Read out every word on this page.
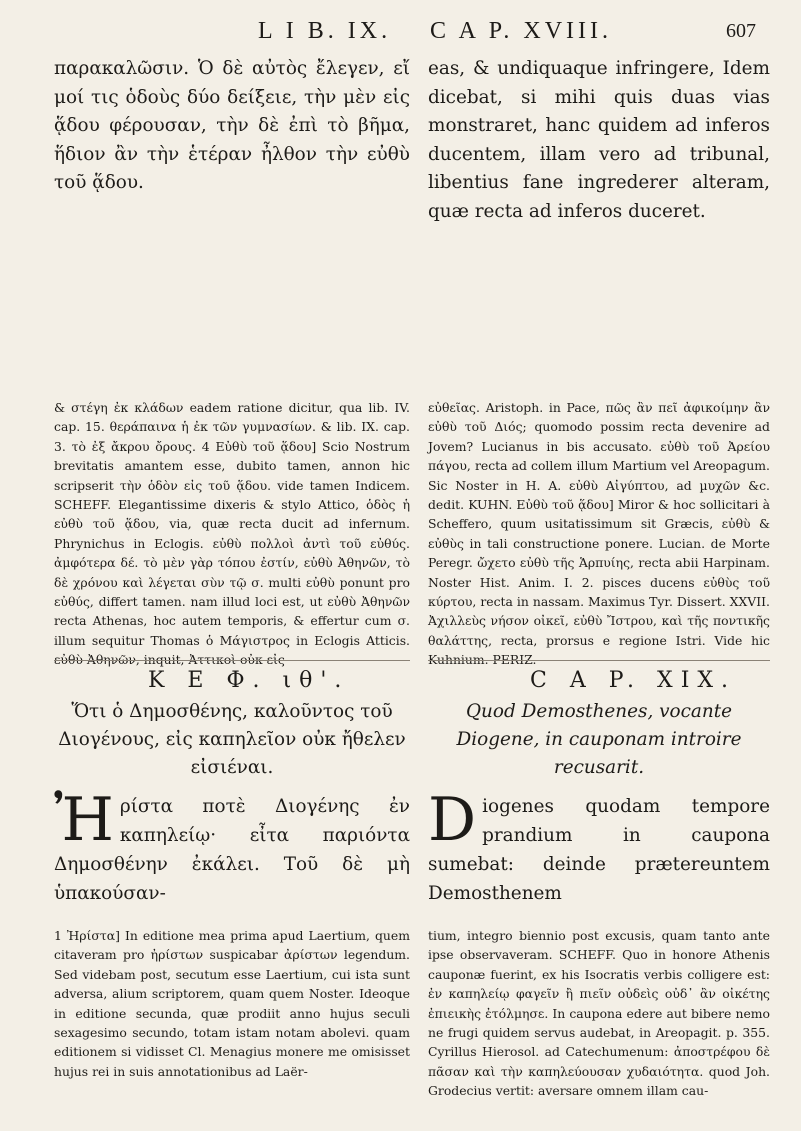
L I B. IX. C A P. XVIII.	607

παρακαλῶσιν. Ὁ δὲ αὐτὸς ἔλεγεν, εἴ μοί τις ὁδοὺς δύο δείξειε, τὴν μὲν εἰς ᾅδου φέρουσαν, τὴν δὲ ἐπὶ τὸ βῆμα, ἥδιον ἂν τὴν ἑτέραν ἦλθον τὴν εὐθὺ τοῦ ᾅδου.

eas, & undiquaque infringere, Idem dicebat, si mihi quis duas vias monstraret, hanc quidem ad inferos ducentem, illam vero ad tribunal, libentius fane ingrederer alteram, quæ recta ad inferos duceret.

& στέγη ἐκ κλάδων eadem ratione dicitur, qua lib. IV. cap. 15. θεράπαινα ἡ ἐκ τῶν γυμνασίων. & lib. IX. cap. 3. τὸ ἐξ ἄκρου ὄρους. 4 Εὐθὺ τοῦ ᾅδου] Scio Nostrum brevitatis amantem esse, dubito tamen, annon hic scripserit τὴν ὁδὸν εἰς τοῦ ᾅδου. vide tamen Indicem. SCHEFF. Elegantissime dixeris & stylo Attico, ὁδὸς ἡ εὐθὺ τοῦ ᾅδου, via, quæ recta ducit ad infernum. Phrynichus in Eclogis. εὐθὺ πολλοὶ ἀντὶ τοῦ εὐθύς. ἀμφότερα δέ. τὸ μὲν γὰρ τόπου ἐστίν, εὐθὺ Ἀθηνῶν, τὸ δὲ χρόνου καὶ λέγεται σὺν τῷ σ. multi εὐθὺ ponunt pro εὐθύς, differt tamen. nam illud loci est, ut εὐθὺ Ἀθηνῶν recta Athenas, hoc autem temporis, & effertur cum σ. illum sequitur Thomas ὁ Μάγιστρος in Eclogis Atticis. εὐθὺ Ἀθηνῶν, inquit, Ἀττικοὶ οὐκ εἰς

εὐθεῖας. Aristoph. in Pace, πῶς ἂν πεῖ ἀφικοίμην ἂν εὐθὺ τοῦ Διός; quomodo possim recta devenire ad Jovem? Lucianus in bis accusato. εὐθὺ τοῦ Ἀρείου πάγου, recta ad collem illum Martium vel Areopagum. Sic Noster in H. A. εὐθὺ Αἰγύπτου, ad µυχῶν &c. dedit. KUHN. Εὐθὺ τοῦ ᾅδου] Miror & hoc sollicitari à Scheffero, quum usitatissimum sit Græcis, εὐθὺ & εὐθὺς in tali constructione ponere. Lucian. de Morte Peregr. ὤχετο εὐθὺ τῆς Ἁρπυίης, recta abii Harpinam. Noster Hist. Anim. I. 2. pisces ducens εὐθὺς τοῦ κύρτου, recta in nassam. Maximus Tyr. Dissert. XXVII. Ἀχιλλεὺς νήσον οἰκεῖ, εὐθὺ Ἴστρου, καὶ τῆς ποντικῆς θαλάττης, recta, prorsus e regione Istri. Vide hic Kuhnium. PERIZ.

Κ Ε Φ. ιθ'.	C A P. XIX.
Ὅτι ὁ Δημοσθένης, καλοῦντος τοῦ Διογένους, εἰς καπηλεῖον οὐκ ἤθελεν εἰσιέναι.
Quod Demosthenes, vocante Diogene, in cauponam introire recusarit.
Ἠ ρίστα ποτὲ Διογένης ἐν καπηλείῳ· εἶτα παριόντα Δημοσθένην ἐκάλει. Τοῦ δὲ μὴ ὑπακούσαν-

D iogenes quodam tempore prandium in caupona sumebat: deinde prætereuntem Demosthenem

1 Ἠρίστα] In editione mea prima apud Laertium, quem citaveram pro ἠρίστων suspicabar ἀρίστων legendum. Sed videbam post, secutum esse Laertium, cui ista sunt adversa, alium scriptorem, quam quem Noster. Ideoque in editione secunda, quæ prodiit anno hujus seculi sexagesimo secundo, totam istam notam abolevi. quam editionem si vidisset Cl. Menagius monere me omisisset hujus rei in suis annotationibus ad Laër-

tium, integro biennio post excusis, quam tanto ante ipse observaveram. SCHEFF. Quo in honore Athenis cauponæ fuerint, ex his Isocratis verbis colligere est: ἐν καπηλείῳ φαγεῖν ἢ πιεῖν οὐδεὶς οὐδ᾽ ἂν οἰκέτης ἐπιεικὴς ἐτόλμησε. In caupona edere aut bibere nemo ne frugi quidem servus audebat, in Areopagit. p. 355. Cyrillus Hierosol. ad Catechumenum: ἀποστρέφου δὲ πᾶσαν καὶ τὴν καπηλεύουσαν χυδαιότητα. quod Joh. Grodecius vertit: aversare omnem illam cau-
